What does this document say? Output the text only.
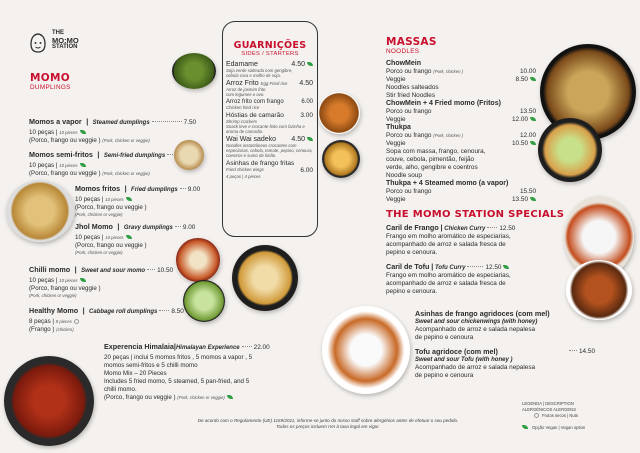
THE
MO:MO
STATION
MOMO
DUMPLINGS
Momos a vapor | Steamed dumplings	7.50
10 peças | 10 pieces
(Porco, frango ou veggie ) (Pork, chicken or veggie)
Momos semi-fritos | Semi-fried dumplings
10 peças | 10 pieces
(Porco, frango ou veggie ) (Pork, chicken or veggie)
Momos fritos | Fried dumplings 9.00
10 peças | 10 pieces
(Porco, frango ou veggie )
(Pork, chicken or veggie)
Jhol Momo | Gravy dumplings 9.00
10 peças | 10 pieces
(Porco, frango ou veggie )
(Pork, chicken or veggie)
Chilli momo | Sweet and sour momo 10.50
10 peças | 10 pieces
(Porco, frango ou veggie )
(Pork, chicken or veggie)
Healthy Momo | Cabbage roll dumplings 8.50
8 peças | 8 pieces
(Frango ) (chicken)
Experencia Himalaia|Himalayan Experience 22.00
20 peças | inclui 5 momos fritos , 5 momos a vapor , 5
momos semi-fritos e 5 chilli momo
Momo Mix – 20 Pieces
Includes 5 fried momo, 5 steamed, 5 pan-fried, and 5
chilli momo.
(Porco, frango ou veggie ) (Pork, chicken or veggie)
GUARNIÇÕES
SIDES / STARTERS
Edamame	4.50
Soja verde salteada com gengibre,
cebola roxa e molho de soja.
Arroz Frito Egg Fried rice 4.50
Arroz de jasmim frito
com legumes e ovo.
Arroz frito com frango	6.00
Chicken fried rice
Hóstias de camarão	3.00
Shrimp crackers
Snack leve e crocante feito com farinha e aroma de camarão.
Wai Wai sadeko 4.50
Noodles instantâneos crocantes com
especiarias, cebola, tomate, pepino, cenoura, coentros e sumo de limão.
Asinhas de frango fritas
Fried chicken wings	6.00
4 peças | 4 pieces
MASSAS
NOODLES
ChowMein
Porco ou frango (Pork, chicken )	10.00
Veggie	8.50
Noodles salteados
Stir fried Noodles
ChowMein + 4 Fried momo (Fritos)
Porco ou frango	13.50
Veggie	12.00
Thukpa
Porco ou frango (Pork, chicken )	12.00
Veggie	10.50
Sopa com massa, frango, cenoura,
couve, cebola, pimentão, feijão
verde, alho, gengibre e coentros
Noodle soup
Thukpa + 4 Steamed momo (a vapor)
Porco ou frango	15.50
Veggie	13.50
THE MOMO STATION SPECIALS
Caril de Frango | Chicken Curry 12.50
Frango em molho aromático de especiarias,
acompanhado de arroz e salada fresca de
pepino e cenoura.
Caril de Tofu | Tofu Curry	12.50
Frango em molho aromático de especiarias,
acompanhado de arroz e salada fresca de
pepino e cenoura.
Asinhas de frango agridoces (com mel)
Sweet and sour chickenwings (with honey)
Acompanhado de arroz e salada nepalesa
de pepino e cenoura
Tofu agridoce (com mel)	14.50
Sweet and sour Tofu (with honey )
Acompanhado de arroz e salada nepalesa
de pepino e cenoura
LEGENDA | DESCRIPTION
ALERGÉNICOS ALERGENS
Frutos secos | Nuts
Opção Vegan | Vegan option
De acordo com o Regulamento (UE) 1169/2011, informe-se junto do nosso staff sobre alergénios antes de efetuar o seu pedido.
Todos os preços incluem IVA à taxa legal em vigor.
